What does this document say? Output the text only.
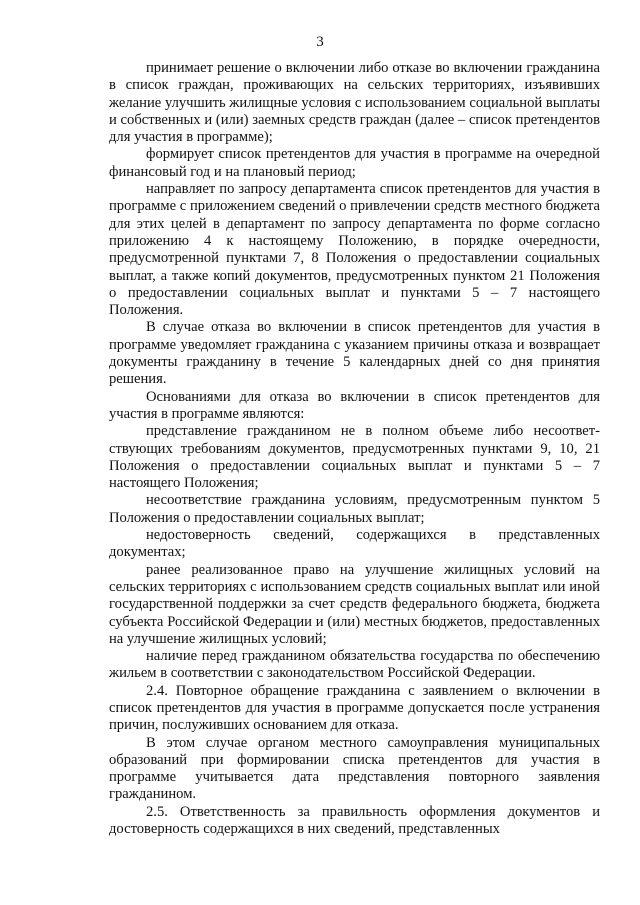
3

принимает решение о включении либо отказе во включении гражданина в список граждан, проживающих на сельских территориях, изъявивших желание улучшить жилищные условия с использованием социальной выплаты и собственных и (или) заемных средств граждан (далее – список претендентов для участия в программе);

формирует список претендентов для участия в программе на очередной финансовый год и на плановый период;

направляет по запросу департамента список претендентов для участия в программе с приложением сведений о привлечении средств местного бюджета для этих целей в департамент по запросу департамента по форме согласно приложению 4 к настоящему Положению, в порядке очередности, предусмотренной пунктами 7, 8 Положения о предоставлении социальных выплат, а также копий документов, предусмотренных пунктом 21 Положения о предоставлении социальных выплат и пунктами 5 – 7 настоящего Положения.

В случае отказа во включении в список претендентов для участия в программе уведомляет гражданина с указанием причины отказа и возвращает документы гражданину в течение 5 календарных дней со дня принятия решения.

Основаниями для отказа во включении в список претендентов для участия в программе являются:

представление гражданином не в полном объеме либо несоответствующих требованиям документов, предусмотренных пунктами 9, 10, 21 Положения о предоставлении социальных выплат и пунктами 5 – 7 настоящего Положения;

несоответствие гражданина условиям, предусмотренным пунктом 5 Положения о предоставлении социальных выплат;

недостоверность сведений, содержащихся в представленных документах;

ранее реализованное право на улучшение жилищных условий на сельских территориях с использованием средств социальных выплат или иной государственной поддержки за счет средств федерального бюджета, бюджета субъекта Российской Федерации и (или) местных бюджетов, предоставленных на улучшение жилищных условий;

наличие перед гражданином обязательства государства по обеспечению жильем в соответствии с законодательством Российской Федерации.

2.4. Повторное обращение гражданина с заявлением о включении в список претендентов для участия в программе допускается после устранения причин, послуживших основанием для отказа.

В этом случае органом местного самоуправления муниципальных образований при формировании списка претендентов для участия в программе учитывается дата представления повторного заявления гражданином.

2.5. Ответственность за правильность оформления документов и достоверность содержащихся в них сведений, представленных
